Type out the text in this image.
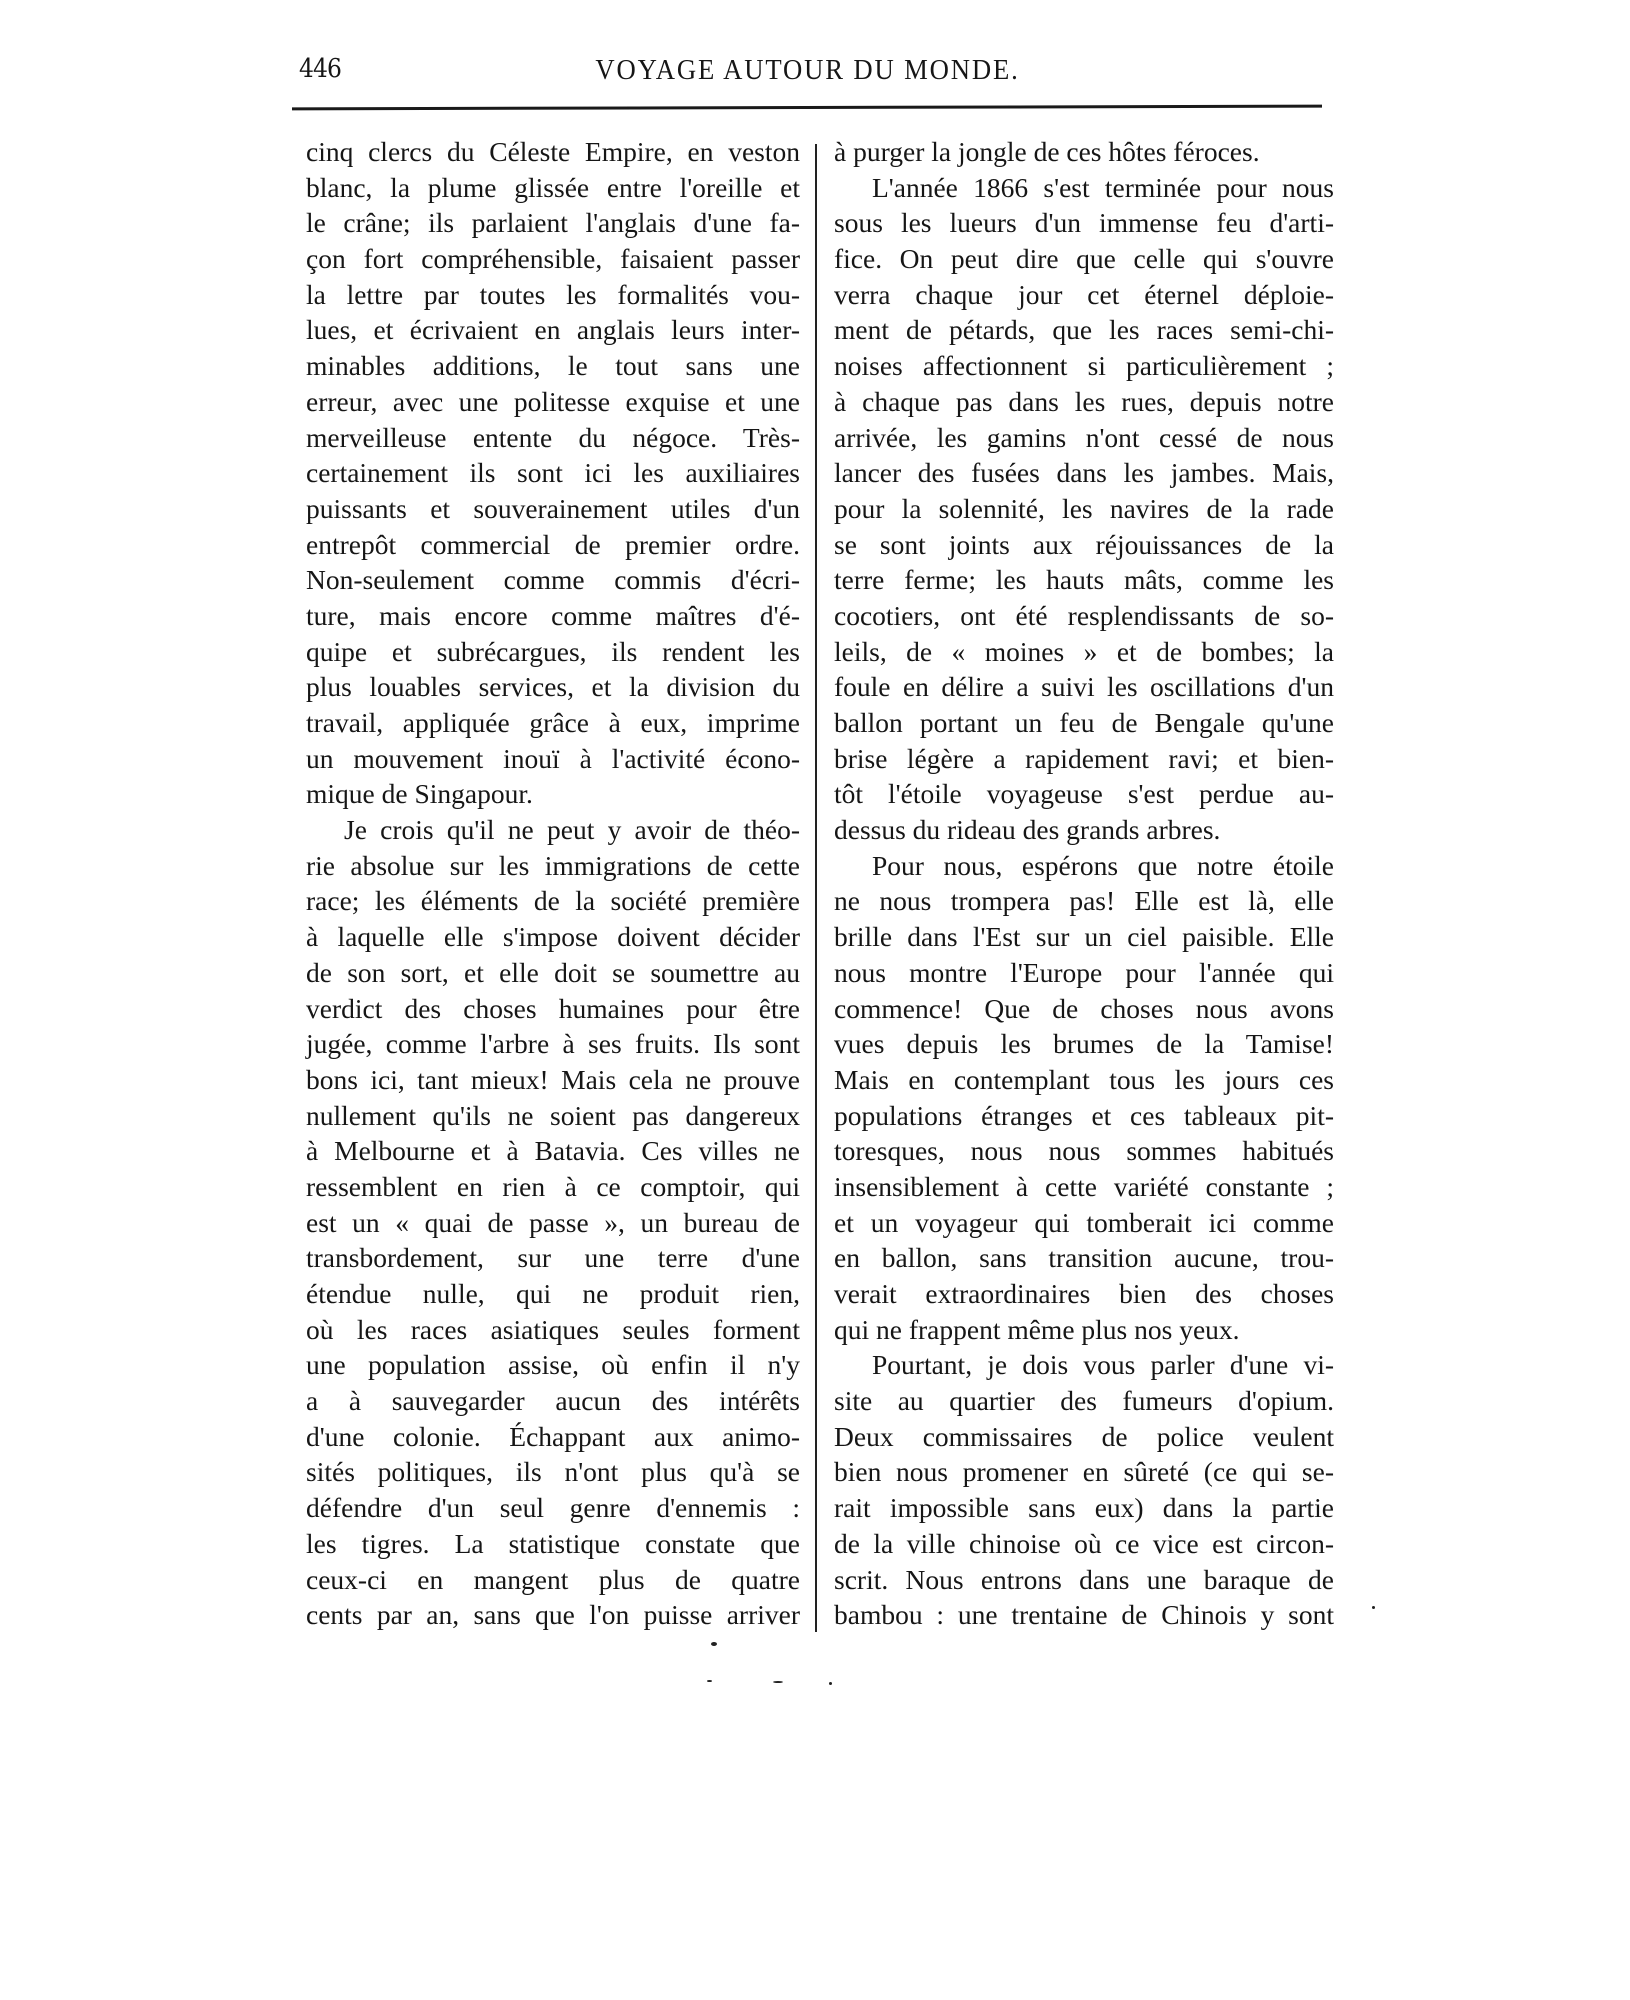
446	VOYAGE AUTOUR DU MONDE.
cinq clercs du Céleste Empire, en veston
blanc, la plume glissée entre l'oreille et
le crâne; ils parlaient l'anglais d'une fa-
çon fort compréhensible, faisaient passer
la lettre par toutes les formalités vou-
lues, et écrivaient en anglais leurs inter-
minables additions, le tout sans une
erreur, avec une politesse exquise et une
merveilleuse entente du négoce. Très-
certainement ils sont ici les auxiliaires
puissants et souverainement utiles d'un
entrepôt commercial de premier ordre.
Non-seulement comme commis d'écri-
ture, mais encore comme maîtres d'é-
quipe et subrécargues, ils rendent les
plus louables services, et la division du
travail, appliquée grâce à eux, imprime
un mouvement inouï à l'activité écono-
mique de Singapour.
Je crois qu'il ne peut y avoir de théo-
rie absolue sur les immigrations de cette
race; les éléments de la société première
à laquelle elle s'impose doivent décider
de son sort, et elle doit se soumettre au
verdict des choses humaines pour être
jugée, comme l'arbre à ses fruits. Ils sont
bons ici, tant mieux! Mais cela ne prouve
nullement qu'ils ne soient pas dangereux
à Melbourne et à Batavia. Ces villes ne
ressemblent en rien à ce comptoir, qui
est un « quai de passe », un bureau de
transbordement, sur une terre d'une
étendue nulle, qui ne produit rien,
où les races asiatiques seules forment
une population assise, où enfin il n'y
a à sauvegarder aucun des intérêts
d'une colonie. Échappant aux animo-
sités politiques, ils n'ont plus qu'à se
défendre d'un seul genre d'ennemis :
les tigres. La statistique constate que
ceux-ci en mangent plus de quatre
cents par an, sans que l'on puisse arriver
à purger la jongle de ces hôtes féroces.
L'année 1866 s'est terminée pour nous
sous les lueurs d'un immense feu d'arti-
fice. On peut dire que celle qui s'ouvre
verra chaque jour cet éternel déploie-
ment de pétards, que les races semi-chi-
noises affectionnent si particulièrement ;
à chaque pas dans les rues, depuis notre
arrivée, les gamins n'ont cessé de nous
lancer des fusées dans les jambes. Mais,
pour la solennité, les navires de la rade
se sont joints aux réjouissances de la
terre ferme; les hauts mâts, comme les
cocotiers, ont été resplendissants de so-
leils, de « moines » et de bombes; la
foule en délire a suivi les oscillations d'un
ballon portant un feu de Bengale qu'une
brise légère a rapidement ravi; et bien-
tôt l'étoile voyageuse s'est perdue au-
dessus du rideau des grands arbres.
Pour nous, espérons que notre étoile
ne nous trompera pas! Elle est là, elle
brille dans l'Est sur un ciel paisible. Elle
nous montre l'Europe pour l'année qui
commence! Que de choses nous avons
vues depuis les brumes de la Tamise!
Mais en contemplant tous les jours ces
populations étranges et ces tableaux pit-
toresques, nous nous sommes habitués
insensiblement à cette variété constante ;
et un voyageur qui tomberait ici comme
en ballon, sans transition aucune, trou-
verait extraordinaires bien des choses
qui ne frappent même plus nos yeux.
Pourtant, je dois vous parler d'une vi-
site au quartier des fumeurs d'opium.
Deux commissaires de police veulent
bien nous promener en sûreté (ce qui se-
rait impossible sans eux) dans la partie
de la ville chinoise où ce vice est circon-
scrit. Nous entrons dans une baraque de
bambou : une trentaine de Chinois y sont
